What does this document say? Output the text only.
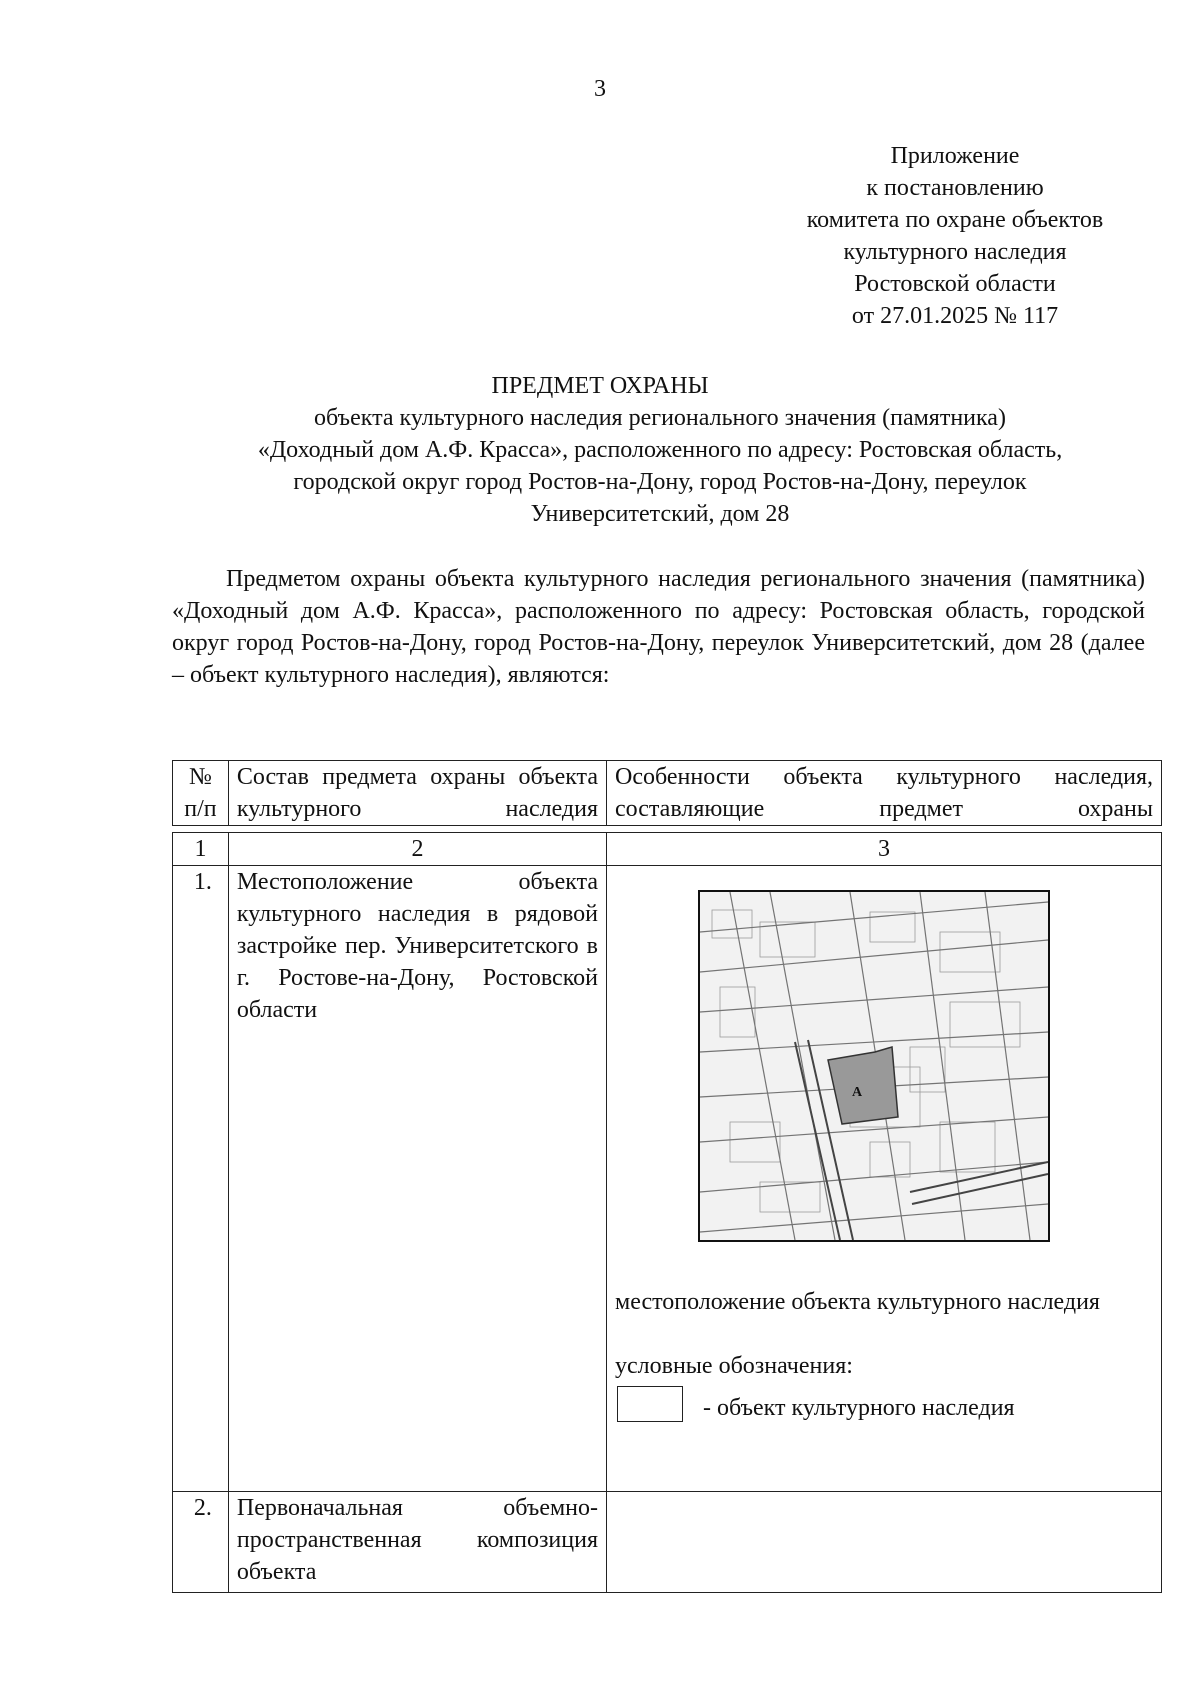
3
Приложение
к постановлению
комитета по охране объектов
культурного наследия
Ростовской области
от 27.01.2025 № 117
ПРЕДМЕТ ОХРАНЫ
объекта культурного наследия регионального значения (памятника)
«Доходный дом А.Ф. Красса», расположенного по адресу: Ростовская область,
городской округ город Ростов-на-Дону, город Ростов-на-Дону, переулок
Университетский, дом 28

Предметом охраны объекта культурного наследия регионального значения (памятника) «Доходный дом А.Ф. Красса», расположенного по адресу: Ростовская область, городской округ город Ростов-на-Дону, город Ростов-на-Дону, переулок Университетский, дом 28 (далее – объект культурного наследия), являются:

№ п/п	Состав предмета охраны объекта культурного наследия	Особенности объекта культурного наследия, составляющие предмет охраны
1	2	3
1.	Местоположение объекта культурного наследия в рядовой застройке пер. Университетского в г. Ростове-на-Дону, Ростовской области	А
местоположение объекта культурного наследия
условные обозначения:
- объект культурного наследия

2.	Первоначальная объемно-пространственная композиция объекта	
